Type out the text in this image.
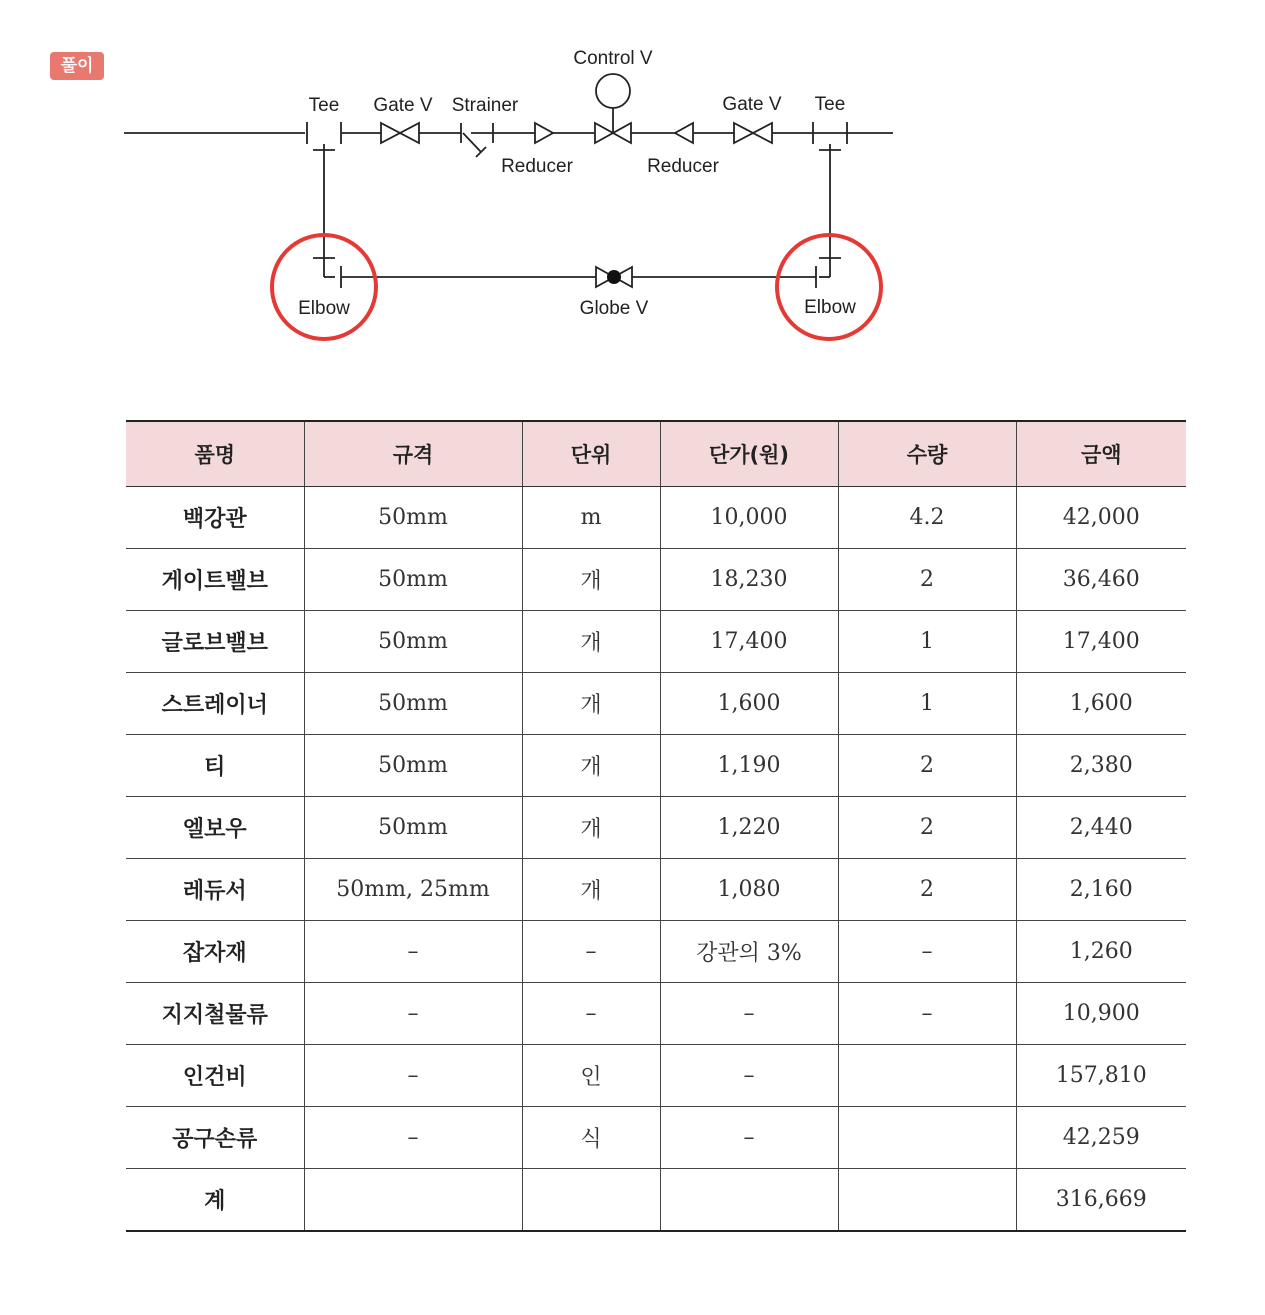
풀이	Control V
Tee Gate V Strainer	Gate V Tee
Reducer	Reducer
Elbow	Globe V	Elbow
품명	규격	단위	단가(원)	수량	금액
백강관	50mm	m	10,000	4.2	42,000
게이트밸브	50mm	개	18,230	2	36,460
글로브밸브	50mm	개	17,400	1	17,400
스트레이너	50mm	개	1,600	1	1,600
티	50mm	개	1,190	2	2,380
엘보우	50mm	개	1,220	2	2,440
레듀서	50mm, 25mm	개	1,080	2	2,160
잡자재	–	–	강관의 3%	–	1,260
지지철물류	–	–	–	–	10,900
인건비	–	인	–		157,810
공구손류	–	식	–		42,259
계					316,669
